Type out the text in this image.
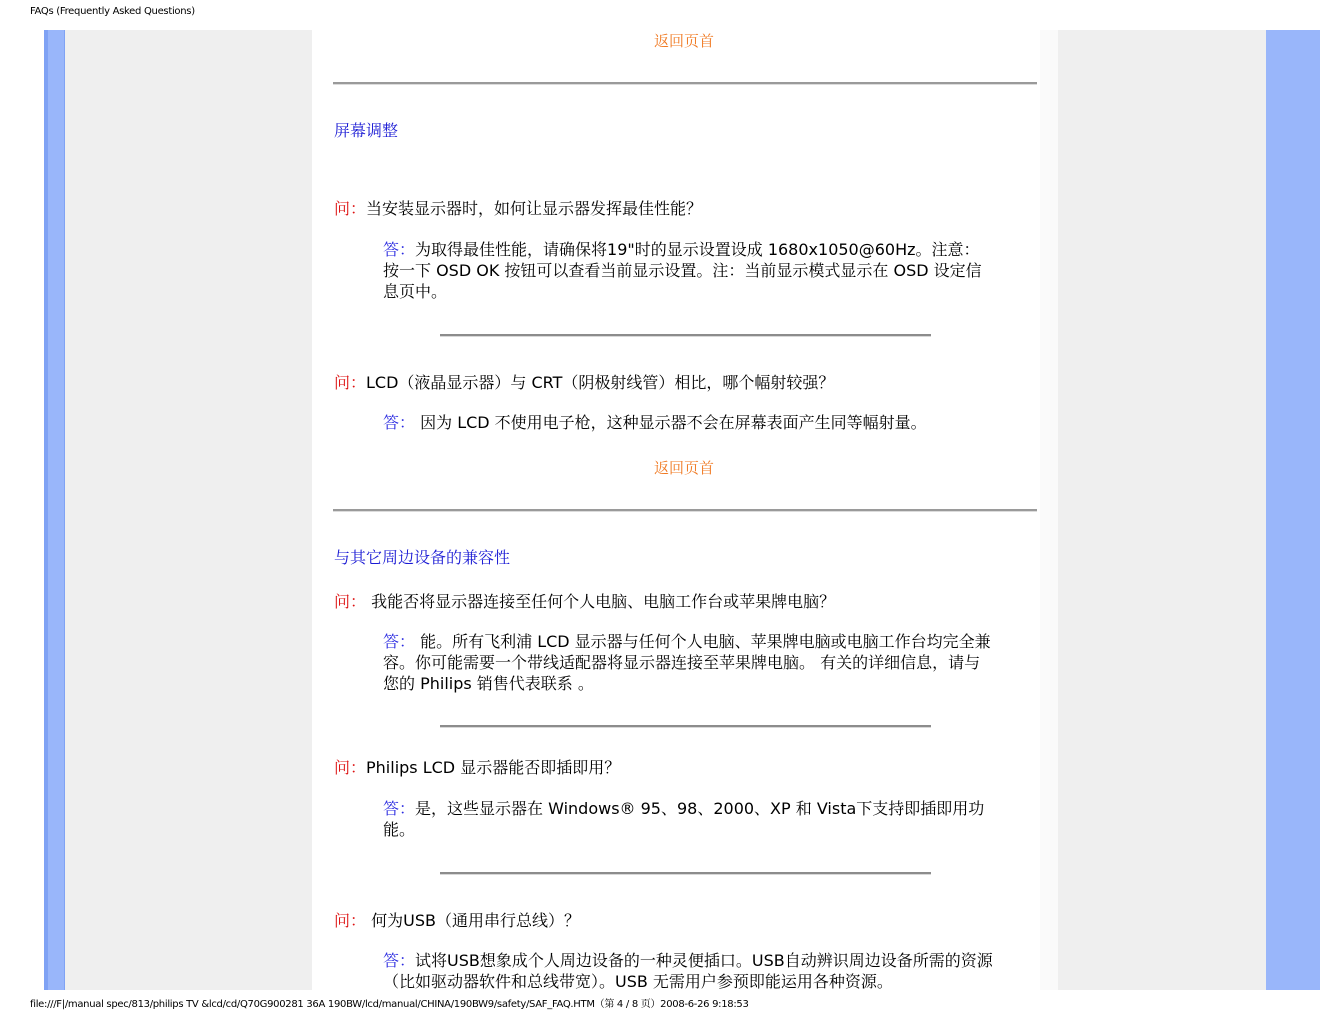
FAQs (Frequently Asked Questions)
返回页首
屏幕调整
问：当安装显示器时，如何让显示器发挥最佳性能？
答：为取得最佳性能，请确保将19"时的显示设置设成 1680x1050@60Hz。注意：按一下 OSD OK 按钮可以查看当前显示设置。注：当前显示模式显示在 OSD 设定信息页中。
问：LCD（液晶显示器）与 CRT（阴极射线管）相比，哪个幅射较强？
答： 因为 LCD 不使用电子枪，这种显示器不会在屏幕表面产生同等幅射量。
返回页首
与其它周边设备的兼容性
问： 我能否将显示器连接至任何个人电脑、电脑工作台或苹果牌电脑？
答： 能。所有飞利浦 LCD 显示器与任何个人电脑、苹果牌电脑或电脑工作台均完全兼容。你可能需要一个带线适配器将显示器连接至苹果牌电脑。 有关的详细信息，请与您的 Philips 销售代表联系 。
问：Philips LCD 显示器能否即插即用？
答：是，这些显示器在 Windows® 95、98、2000、XP 和 Vista下支持即插即用功能。
问： 何为USB（通用串行总线）？
答：试将USB想象成个人周边设备的一种灵便插口。USB自动辨识周边设备所需的资源（比如驱动器软件和总线带宽）。USB 无需用户参预即能运用各种资源。
file:///F|/manual spec/813/philips TV &lcd/cd/Q70G900281 36A 190BW/lcd/manual/CHINA/190BW9/safety/SAF_FAQ.HTM（第 4 / 8 页）2008-6-26 9:18:53
